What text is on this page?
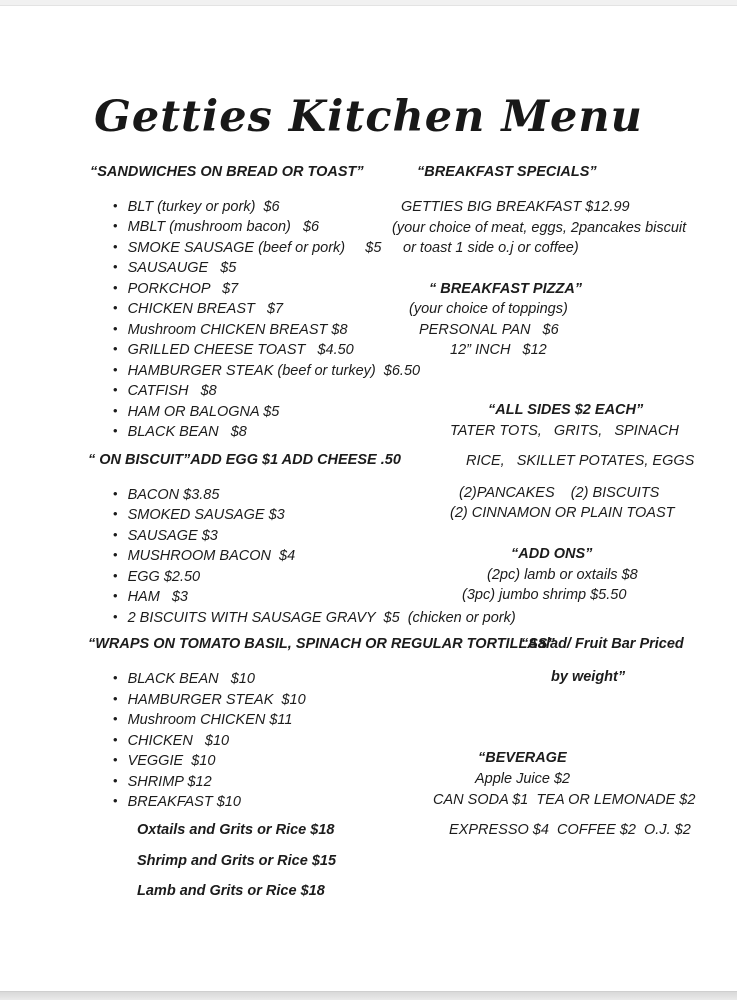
Getties Kitchen Menu
“SANDWICHES ON BREAD OR TOAST”
• BLT (turkey or pork)  $6
• MBLT (mushroom bacon)   $6
• SMOKE SAUSAGE (beef or pork)     $5
• SAUSAUGE   $5
• PORKCHOP   $7
• CHICKEN BREAST   $7
• Mushroom CHICKEN BREAST $8
• GRILLED CHEESE TOAST   $4.50
• HAMBURGER STEAK (beef or turkey)  $6.50
• CATFISH   $8
• HAM OR BALOGNA $5
• BLACK BEAN   $8
“ ON BISCUIT”ADD EGG $1 ADD CHEESE .50
• BACON $3.85
• SMOKED SAUSAGE $3
• SAUSAGE $3
• MUSHROOM BACON  $4
• EGG $2.50
• HAM   $3
• 2 BISCUITS WITH SAUSAGE GRAVY  $5  (chicken or pork)
“WRAPS ON TOMATO BASIL, SPINACH OR REGULAR TORTILLAS”
• BLACK BEAN   $10
• HAMBURGER STEAK  $10
• Mushroom CHICKEN $11
• CHICKEN   $10
• VEGGIE  $10
• SHRIMP $12
• BREAKFAST $10
Oxtails and Grits or Rice $18
Shrimp and Grits or Rice $15
Lamb and Grits or Rice $18
“BREAKFAST SPECIALS”
GETTIES BIG BREAKFAST $12.99
(your choice of meat, eggs, 2pancakes biscuit
or toast 1 side o.j or coffee)
“ BREAKFAST PIZZA”
(your choice of toppings)
PERSONAL PAN   $6
12” INCH   $12
“ALL SIDES $2 EACH”
TATER TOTS,   GRITS,   SPINACH
RICE,   SKILLET POTATES, EGGS
(2)PANCAKES    (2) BISCUITS
(2) CINNAMON OR PLAIN TOAST
“ADD ONS”
(2pc) lamb or oxtails $8
(3pc) jumbo shrimp $5.50
“Salad/ Fruit Bar Priced
by weight”
“BEVERAGE
Apple Juice $2
CAN SODA $1  TEA OR LEMONADE $2
EXPRESSO $4  COFFEE $2  O.J. $2
